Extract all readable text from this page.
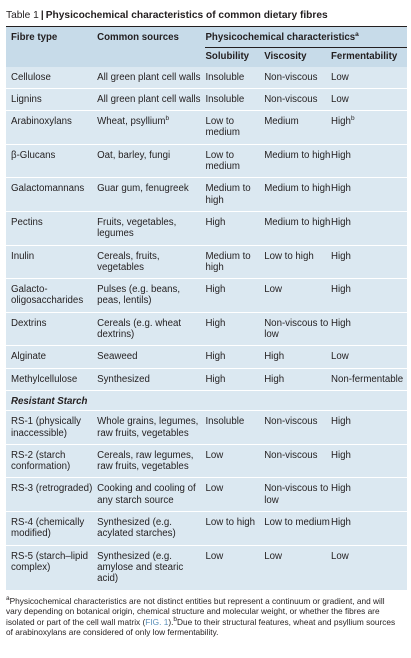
Table 1 | Physicochemical characteristics of common dietary fibres
Fibre type	Common sources	Physicochemical characteristics$^a$
		Solubility	Viscosity	Fermentability
Cellulose	All green plant cell walls	Insoluble	Non-viscous	Low
Lignins	All green plant cell walls	Insoluble	Non-viscous	Low
Arabinoxylans	Wheat, psyllium$^b$	Low to medium	Medium	High$^b$
β-Glucans	Oat, barley, fungi	Low to medium	Medium to high	High
Galactomannans	Guar gum, fenugreek	Medium to high	Medium to high	High
Pectins	Fruits, vegetables, legumes	High	Medium to high	High
Inulin	Cereals, fruits, vegetables	Medium to high	Low to high	High
Galacto-oligosaccharides	Pulses (e.g. beans, peas, lentils)	High	Low	High
Dextrins	Cereals (e.g. wheat dextrins)	High	Non-viscous to low	High
Alginate	Seaweed	High	High	Low
Methylcellulose	Synthesized	High	High	Non-fermentable
Resistant Starch				
RS-1 (physically inaccessible)	Whole grains, legumes, raw fruits, vegetables	Insoluble	Non-viscous	High
RS-2 (starch conformation)	Cereals, raw legumes, raw fruits, vegetables	Low	Non-viscous	High
RS-3 (retrograded)	Cooking and cooling of any starch source	Low	Non-viscous to low	High
RS-4 (chemically modified)	Synthesized (e.g. acylated starches)	Low to high	Low to medium	High
RS-5 (starch–lipid complex)	Synthesized (e.g. amylose and stearic acid)	Low	Low	Low
$^a$Physicochemical characteristics are not distinct entities but represent a continuum or gradient, and will vary depending on botanical origin, chemical structure and molecular weight, or whether the fibres are isolated or part of the cell wall matrix (FIG. 1).$^b$Due to their structural features, wheat and psyllium sources of arabinoxylans are considered of only low fermentability.
